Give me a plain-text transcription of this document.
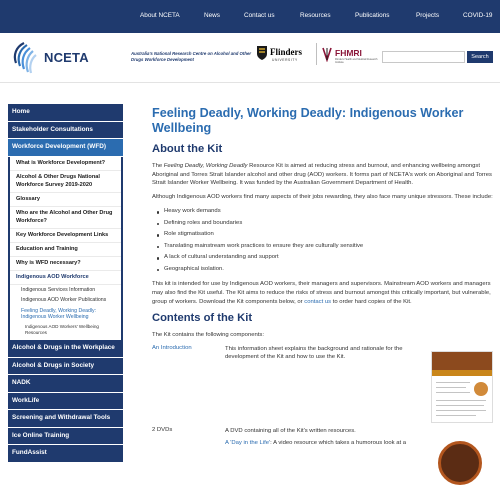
About NCETA	News	Contact us	Resources	Publications	Projects	COVID-19
NCETA	Australia's National Research Centre on Alcohol and Other Drugs Workforce Development
Flinders
UNIVERSITY
FHMRI
Flinders Health and Medical Research Institute
Search
Home
Stakeholder Consultations
Workforce Development (WFD)
What is Workforce Development?
Alcohol & Other Drugs National Workforce Survey 2019-2020
Glossary
Who are the Alcohol and Other Drug Workforce?
Key Workforce Development Links
Education and Training
Why is WFD necessary?
Indigenous AOD Workforce
Indigenous Services Information
Indigenous AOD Worker Publications
Feeling Deadly, Working Deadly: Indigenous Worker Wellbeing
Indigenous AOD Workers' Wellbeing Resources
Alcohol & Drugs in the Workplace
Alcohol & Drugs in Society
NADK
WorkLife
Screening and Withdrawal Tools
Ice Online Training
FundAssist
Feeling Deadly, Working Deadly: Indigenous Worker Wellbeing
About the Kit

The Feeling Deadly, Working Deadly Resource Kit is aimed at reducing stress and burnout, and enhancing wellbeing amongst Aboriginal and Torres Strait Islander alcohol and other drug (AOD) workers. It forms part of NCETA's work on Aboriginal and Torres Strait Islander Worker Wellbeing. It was funded by the Australian Government Department of Health.

Although Indigenous AOD workers find many aspects of their jobs rewarding, they also face many unique stressors. These include:

Heavy work demands
Defining roles and boundaries
Role stigmatisation
Translating mainstream work practices to ensure they are culturally sensitive
A lack of cultural understanding and support
Geographical isolation.

This kit is intended for use by Indigenous AOD workers, their managers and supervisors. Mainstream AOD workers and managers may also find the Kit useful. The Kit aims to reduce the risks of stress and burnout amongst this critically important, but vulnerable, group of workers. Download the Kit components below, or contact us to order hard copies of the Kit.

Contents of the Kit

The Kit contains the following components:

An Introduction	This information sheet explains the background and rationale for the development of the Kit and how to use the Kit.
2 DVDs	A DVD containing all of the Kit's written resources.
A 'Day in the Life': A video resource which takes a humorous look at a
